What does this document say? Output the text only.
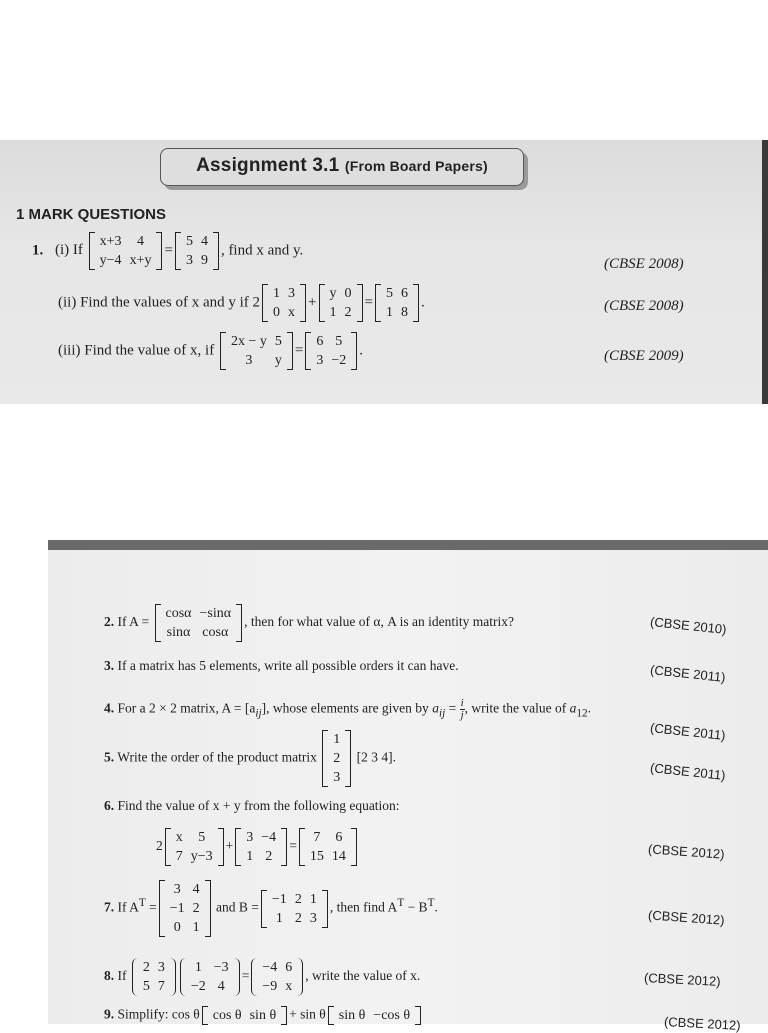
Assignment 3.1 (From Board Papers)
1 MARK QUESTIONS
1. (i) If
x+3	4
y−4	x+y
=
5	4
3	9
, find x and y.
(CBSE 2008)
(ii) Find the values of x and y if 2
1	3
0	x
+
y	0
1	2
=
5	6
1	8
.	(CBSE 2008)
(iii) Find the value of x, if
2x − y	5
3	y
=
6	5
3	−2
.	(CBSE 2009)
2. If A =
cosα	−sinα
sinα	cosα
, then for what value of α, A is an identity matrix?	(CBSE 2010)
3. If a matrix has 5 elements, write all possible orders it can have.	(CBSE 2011)
4. For a 2 × 2 matrix, $A = [a_{ij}]$, whose elements are given by $a_{ij} = \frac{i}{j}$ , write the value of $a_{12}$.
(CBSE 2011)
5. Write the order of the product matrix
1
2
3
[2 3 4].
(CBSE 2011)
6. Find the value of x + y from the following equation:
2
x	5
7	y−3
+
3	−4
1	2
=
7	6
15	14	(CBSE 2012)
7. If $A^T$ =
3	4
−1	2
0	1
and B =
−1	2	1
1	2	3
, then find $A^T - B^T$.
(CBSE 2012)
8. If
2	3
5	7
1	−3
−2	4
=
−4	6
−9	x
, write the value of x.	(CBSE 2012)
9. Simplify: cos θ cos θ	sin θ + sin θ sin θ	−cos θ	(CBSE 2012)
